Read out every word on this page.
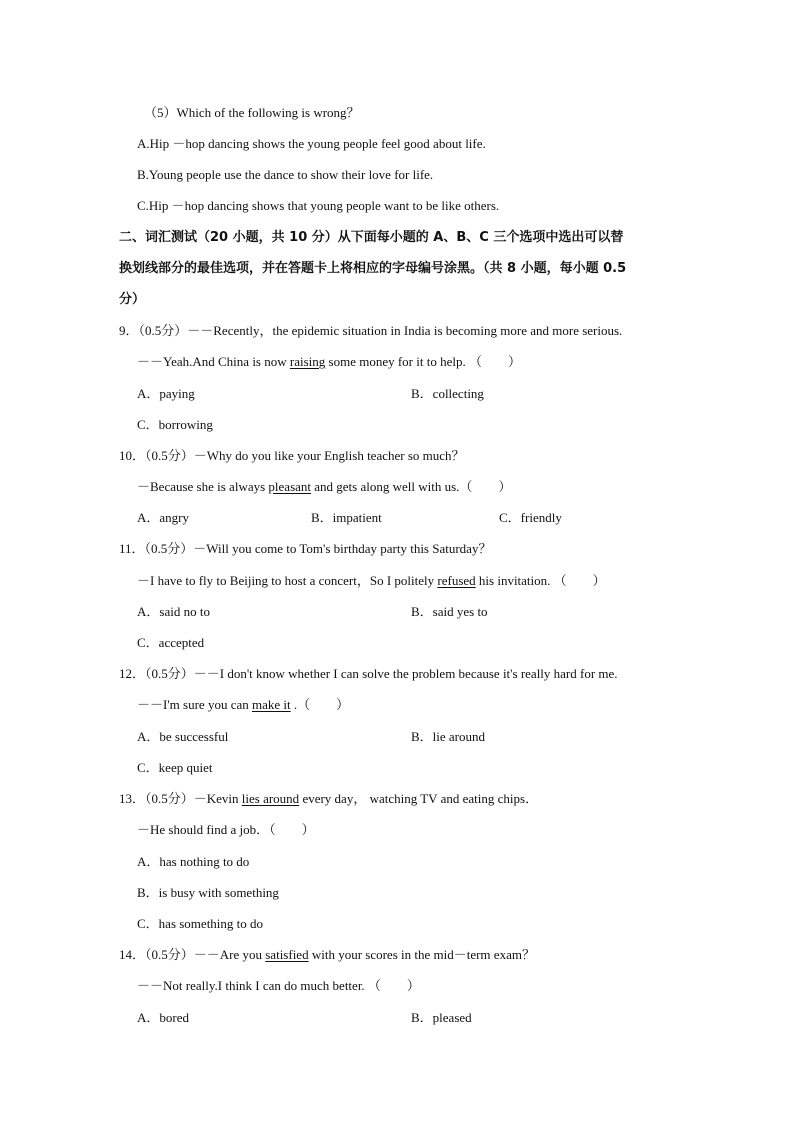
（5）Which of the following is wrong？
A.Hip －hop dancing shows the young people feel good about life.
B.Young people use the dance to show their love for life.
C.Hip －hop dancing shows that young people want to be like others.
二、词汇测试（20 小题，共 10 分）从下面每小题的 A、B、C 三个选项中选出可以替
换划线部分的最佳选项，并在答题卡上将相应的字母编号涂黑。（共 8 小题，每小题 0.5
分）
9．（0.5分）－－Recently，the epidemic situation in India is becoming more and more serious.
－－Yeah.And China is now raising some money for it to help. （　　）
A．paying	B．collecting
C．borrowing
10．（0.5分）－Why do you like your English teacher so much？
－Because she is always pleasant and gets along well with us.（　　）
A．angry	B．impatient	C．friendly
11．（0.5分）－Will you come to Tom's birthday party this Saturday？
－I have to fly to Beijing to host a concert，So I politely refused his invitation. （　　）
A．said no to	B．said yes to
C．accepted
12．（0.5分）－－I don't know whether I can solve the problem because it's really hard for me.
－－I'm sure you can make it .（　　）
A．be successful	B．lie around
C．keep quiet
13．（0.5分）－Kevin lies around every day， watching TV and eating chips．
－He should find a job．（　　）
A．has nothing to do
B．is busy with something
C．has something to do
14．（0.5分）－－Are you satisfied with your scores in the mid－term exam？
－－Not really.I think I can do much better. （　　）
A．bored	B．pleased
